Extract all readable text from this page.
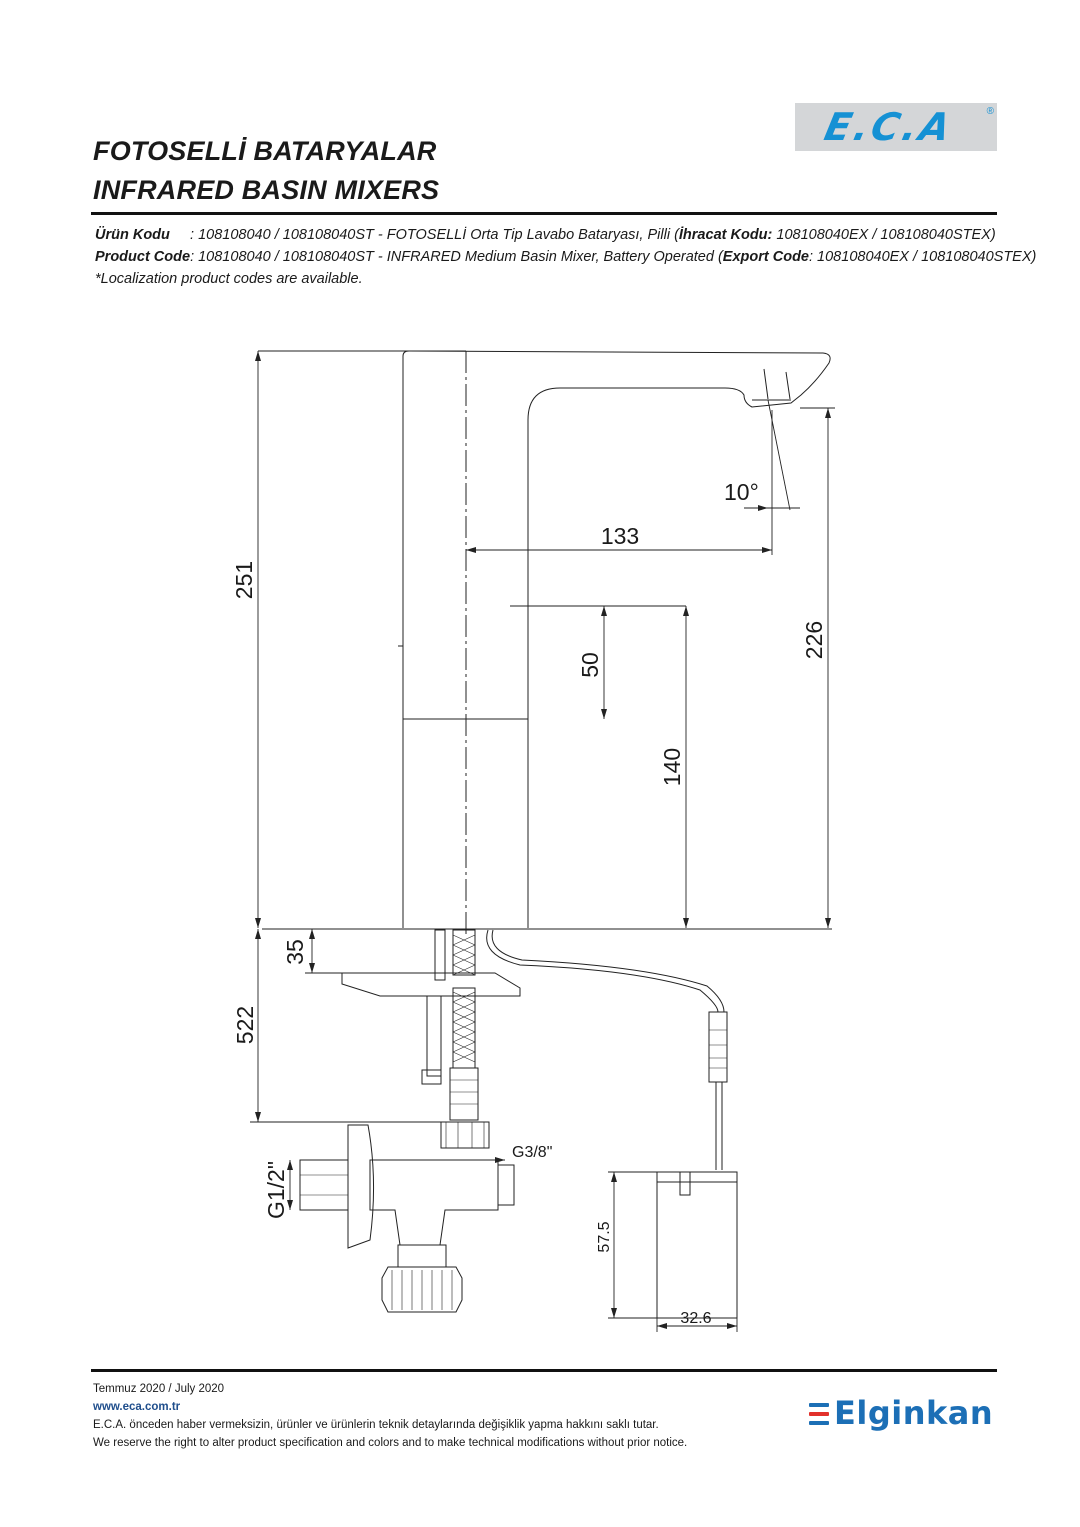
E.C.A	®
FOTOSELLİ BATARYALAR
INFRARED BASIN MIXERS
Ürün Kodu     : 108108040 / 108108040ST - FOTOSELLİ Orta Tip Lavabo Bataryası, Pilli (İhracat Kodu: 108108040EX / 108108040STEX)
Product Code: 108108040 / 108108040ST - INFRARED Medium Basin Mixer, Battery Operated (Export Code: 108108040EX / 108108040STEX)
*Localization product codes are available.
251
10°
133
226
50
140
35
522
G3/8"
G1/2"
57.5
32.6
Temmuz 2020 / July 2020
www.eca.com.tr
E.C.A. önceden haber vermeksizin, ürünler ve ürünlerin teknik detaylarında değişiklik yapma hakkını saklı tutar.
We reserve the right to alter product specification and colors and to make technical modifications without prior notice.
Elginkan
